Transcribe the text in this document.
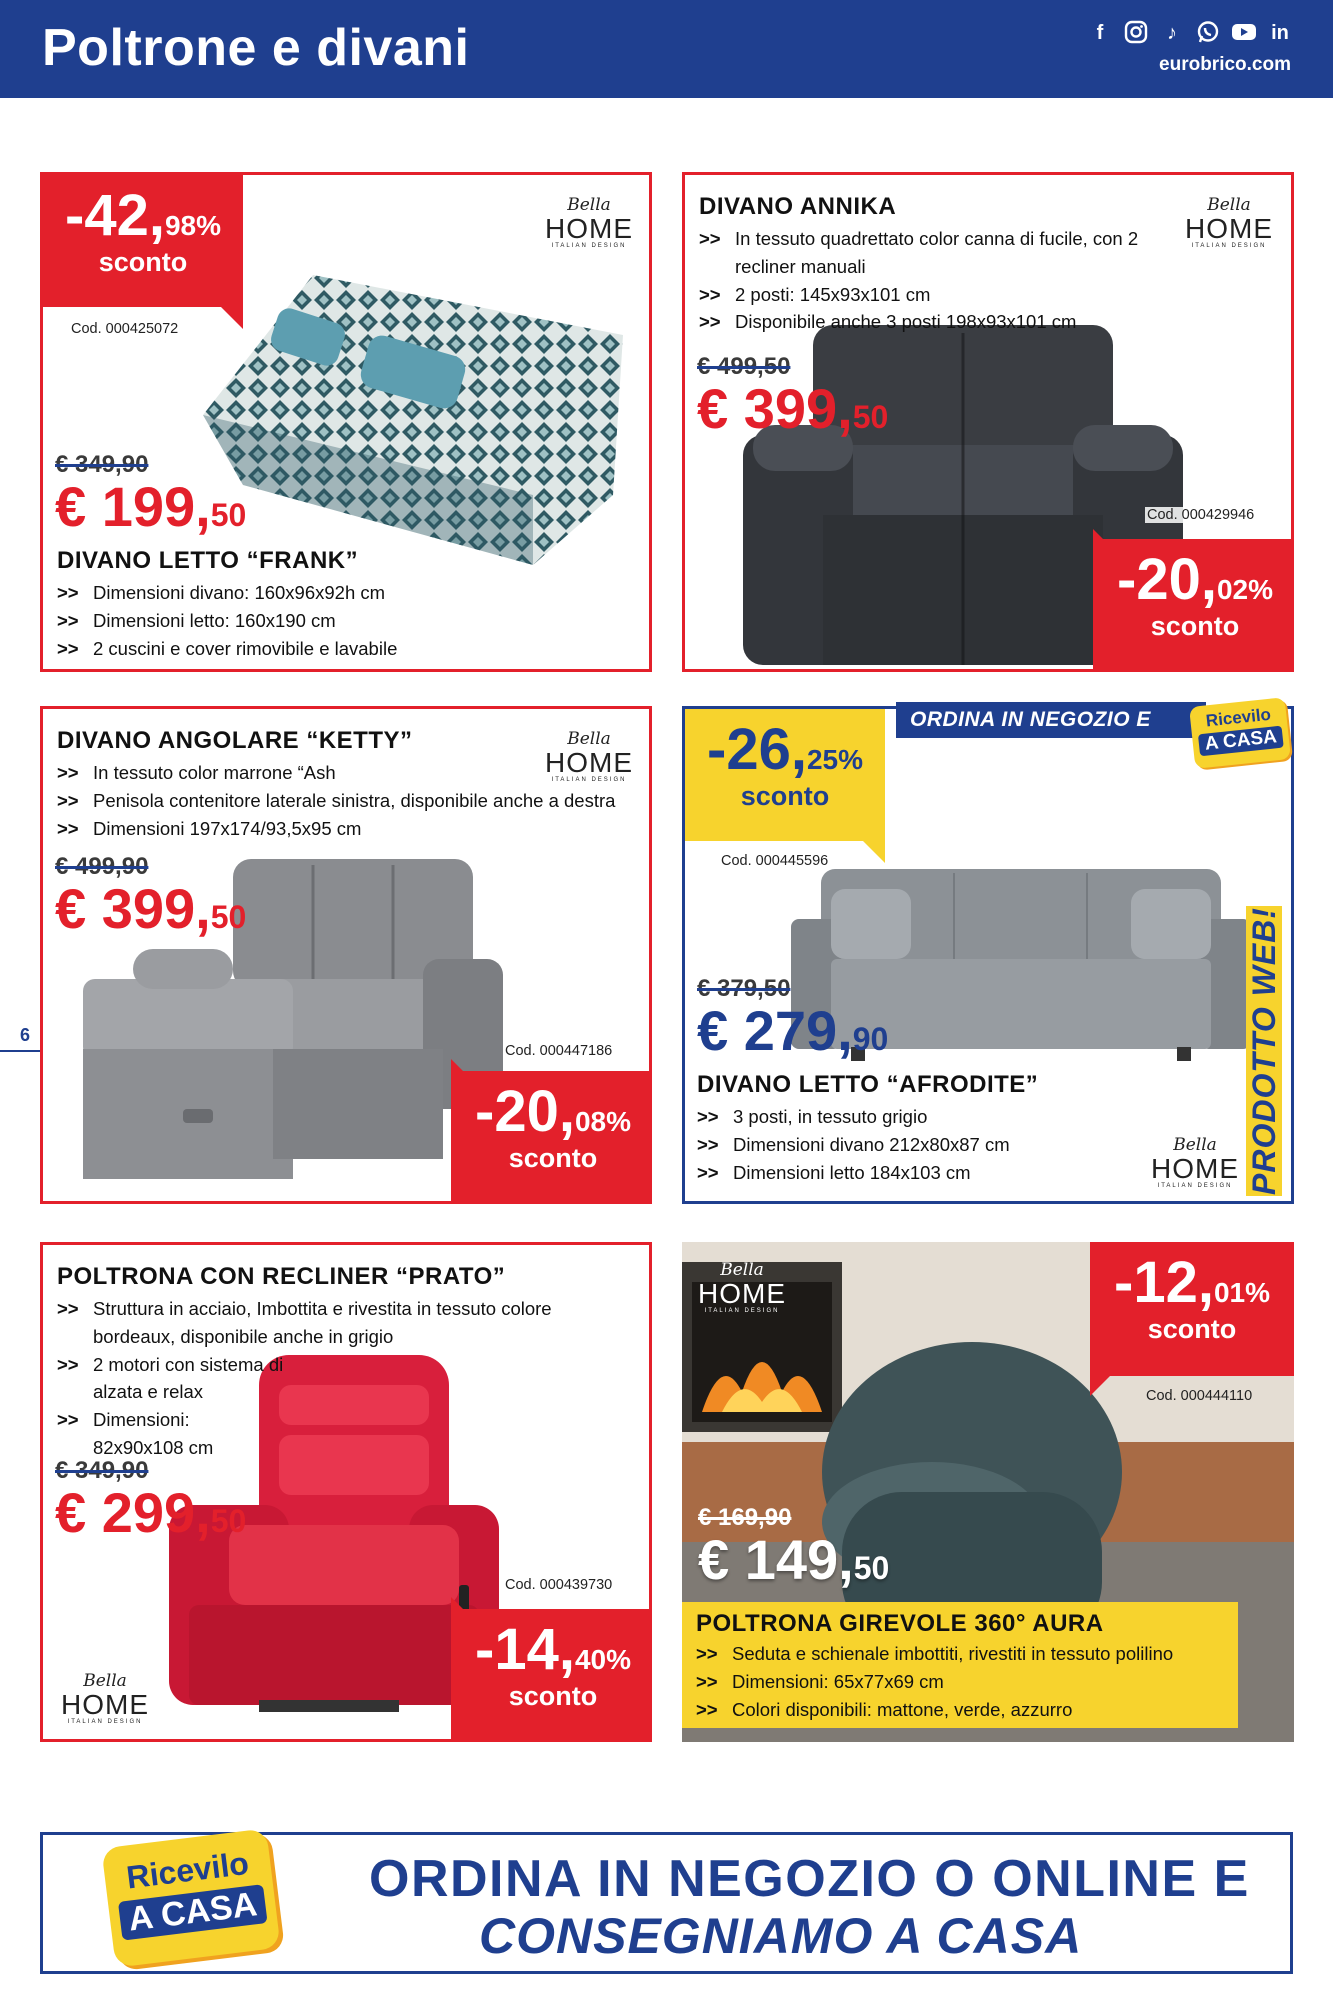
Poltrone e divani	f	♪	in
eurobrico.com
6
-42,98%
sconto
Cod. 000425072
Bella
HOME
ITALIAN DESIGN
€ 349,90
€ 199,50
DIVANO LETTO “FRANK”
>> Dimensioni divano: 160x96x92h cm
>> Dimensioni letto: 160x190 cm
>> 2 cuscini e cover rimovibile e lavabile
DIVANO ANNIKA
>> In tessuto quadrettato color canna di fucile, con 2 recliner manuali
>> 2 posti: 145x93x101 cm
>> Disponibile anche 3 posti 198x93x101 cm
Bella
HOME
ITALIAN DESIGN
€ 499,50
€ 399,50
Cod. 000429946
-20,02%
sconto
DIVANO ANGOLARE “KETTY”
>> In tessuto color marrone “Ash
>> Penisola contenitore laterale sinistra, disponibile anche a destra
>> Dimensioni 197x174/93,5x95 cm
Bella
HOME
ITALIAN DESIGN
€ 499,90
€ 399,50
Cod. 000447186
-20,08%
sconto
-26,25%
sconto
Cod. 000445596
€ 379,50
€ 279,90
DIVANO LETTO “AFRODITE”
>> 3 posti, in tessuto grigio
>> Dimensioni divano 212x80x87 cm
>> Dimensioni letto 184x103 cm
Bella
HOME
ITALIAN DESIGN
ORDINA IN NEGOZIO E	Ricevilo
A CASA
PRODOTTO WEB!
POLTRONA CON RECLINER “PRATO”
>> Struttura in acciaio, Imbottita e rivestita in tessuto colore bordeaux, disponibile anche in grigio
>> 2 motori con sistema di alzata e relax
>> Dimensioni: 82x90x108 cm
€ 349,90
€ 299,50
Cod. 000439730
Bella
HOME
ITALIAN DESIGN
-14,40%
sconto
Bella
HOME
ITALIAN DESIGN	-12,01%
sconto
Cod. 000444110
€ 169,90
€ 149,50
POLTRONA GIREVOLE 360° AURA
>> Seduta e schienale imbottiti, rivestiti in tessuto polilino
>> Dimensioni: 65x77x69 cm
>> Colori disponibili: mattone, verde, azzurro
ORDINA IN NEGOZIO O ONLINE E
CONSEGNIAMO A CASA
Ricevilo
A CASA
